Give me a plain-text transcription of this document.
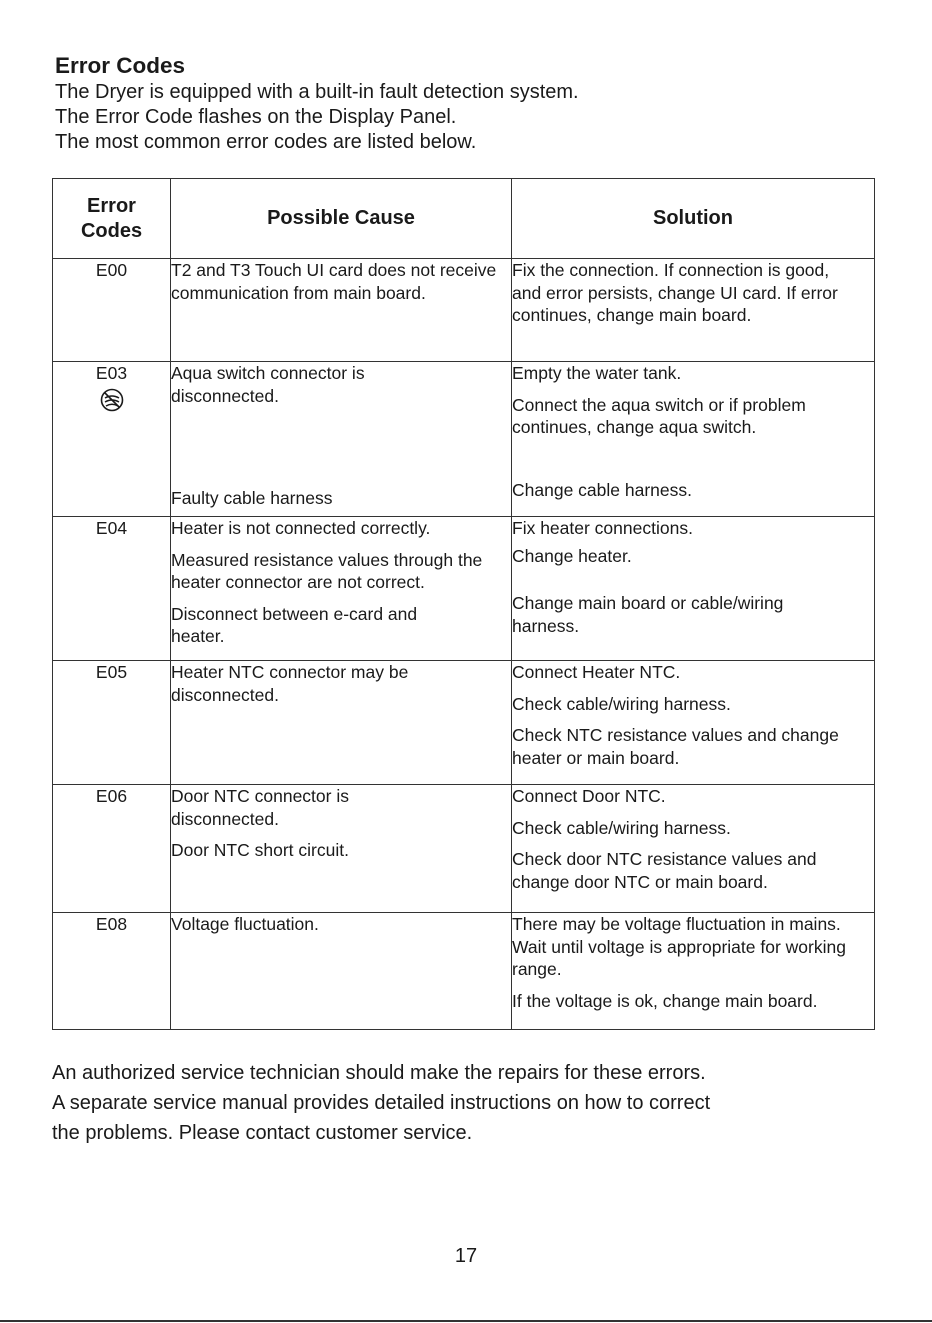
Error Codes

The Dryer is equipped with a built-in fault detection system.

The Error Code flashes on the Display Panel.

The most common error codes are listed below.

Error
Codes	Possible Cause	Solution
E00	T2 and T3 Touch UI card does not receive communication from main board.	Fix the connection. If connection is good, and error persists, change UI card. If error continues, change main board.

E03	Aqua switch connector is disconnected.
Faulty cable harness	Empty the water tank.
Connect the aqua switch or if problem continues, change aqua switch.
Change cable harness.

E04	Heater is not connected correctly.
Measured resistance values through the heater connector are not correct.
Disconnect between e-card and heater.	Fix heater connections.
Change heater.
Change main board or cable/wiring harness.

E05	Heater NTC connector may be disconnected.	Connect Heater NTC.
Check cable/wiring harness.
Check NTC resistance values and change heater or main board.

E06	Door NTC connector is disconnected.
Door NTC short circuit.	Connect Door NTC.
Check cable/wiring harness.
Check door NTC resistance values and change door NTC or main board.

E08	Voltage fluctuation.	There may be voltage fluctuation in mains. Wait until voltage is appropriate for working range.
If the voltage is ok, change main board.

An authorized service technician should make the repairs for these errors.

A separate service manual provides detailed instructions on how to correct

the problems. Please contact customer service.

17
